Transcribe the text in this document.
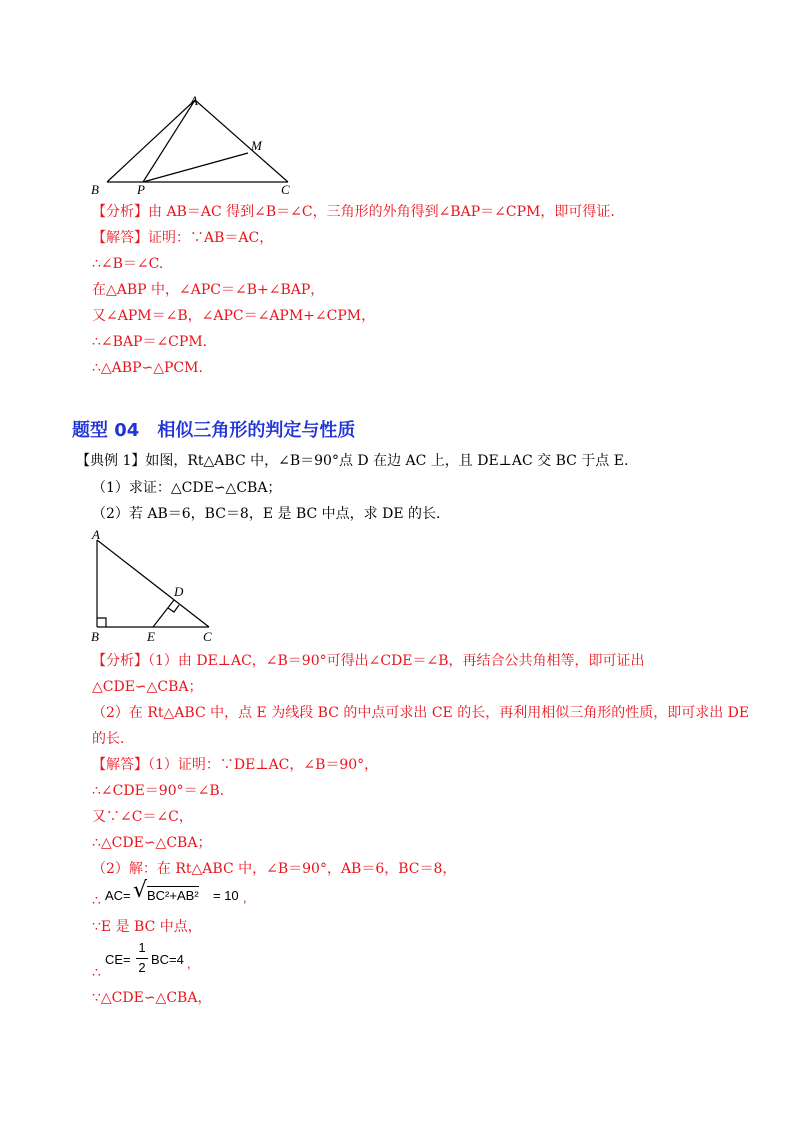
A
M
B	P	C
【分析】由 AB＝AC 得到∠B＝∠C，三角形的外角得到∠BAP＝∠CPM，即可得证.
【解答】证明：∵AB＝AC，
∴∠B＝∠C.
在△ABP 中，∠APC＝∠B+∠BAP，
又∠APM＝∠B，∠APC＝∠APM+∠CPM，
∴∠BAP＝∠CPM.
∴△ABP∽△PCM.
题型 04　相似三角形的判定与性质
【典例 1】如图，Rt△ABC 中，∠B＝90°点 D 在边 AC 上，且 DE⊥AC 交 BC 于点 E.
（1）求证：△CDE∽△CBA；
（2）若 AB＝6，BC＝8，E 是 BC 中点，求 DE 的长.
A
D
B	E	C
【分析】（1）由 DE⊥AC，∠B＝90°可得出∠CDE＝∠B，再结合公共角相等，即可证出
△CDE∽△CBA；
（2）在 Rt△ABC 中，点 E 为线段 BC 的中点可求出 CE 的长，再利用相似三角形的性质，即可求出 DE
的长.
【解答】（1）证明：∵DE⊥AC，∠B＝90°，
∴∠CDE＝90°＝∠B.
又∵∠C＝∠C，
∴△CDE∽△CBA；
（2）解：在 Rt△ABC 中，∠B＝90°，AB＝6，BC＝8，
∴ AC= √ BC²+AB² = 10 ,
∵E 是 BC 中点，
∴
CE=
1
2
BC=4 ,
∵△CDE∽△CBA，
